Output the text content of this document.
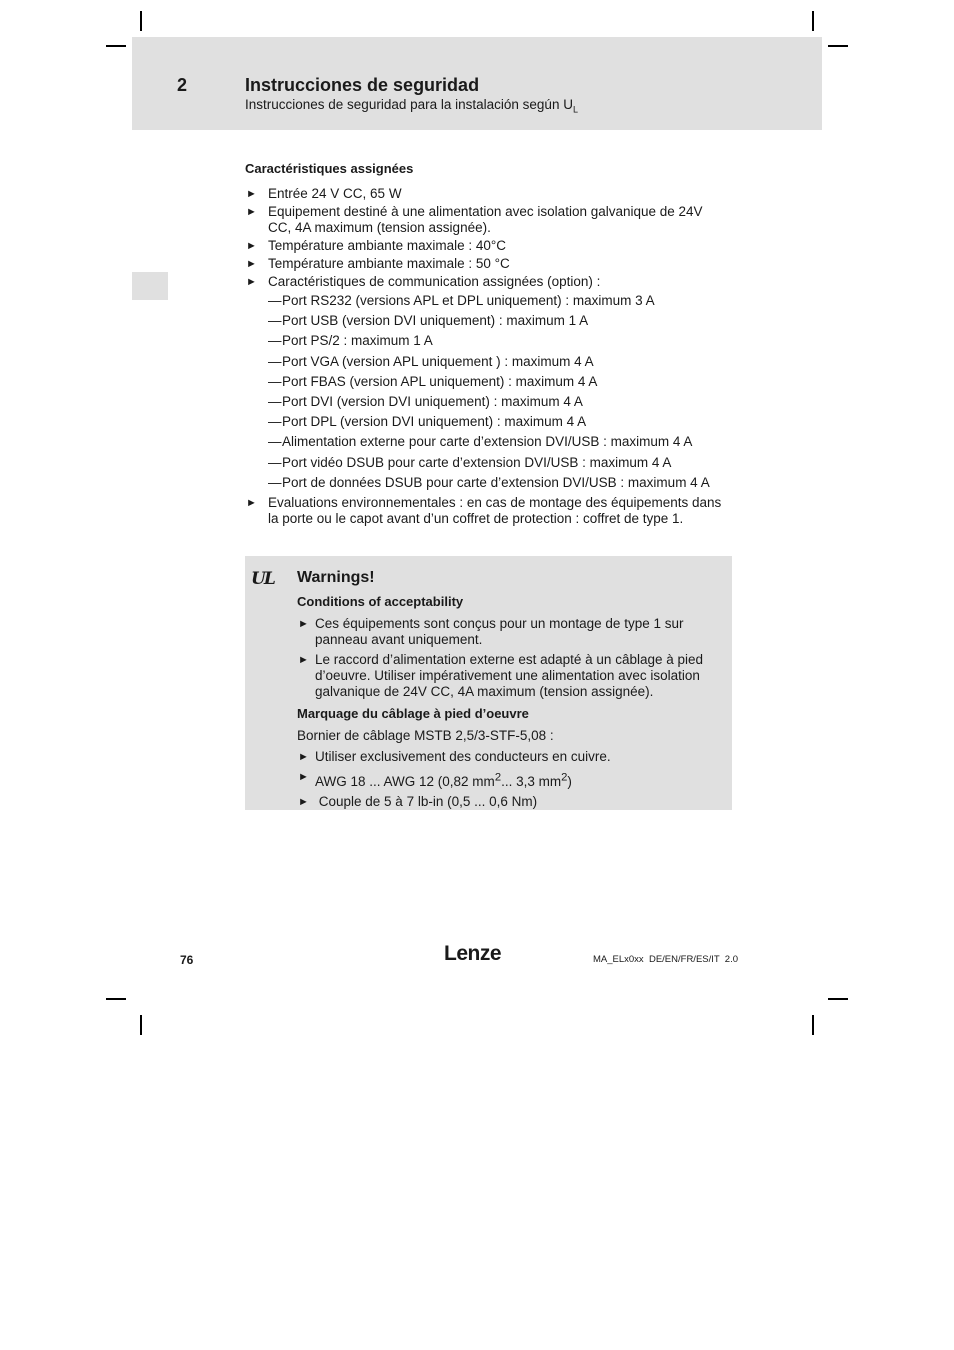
2	Instrucciones de seguridad
Instrucciones de seguridad para la instalación según $U_L$
Caractéristiques assignées
► Entrée 24 V CC, 65 W
► Equipement destiné à une alimentation avec isolation galvanique de 24V CC, 4A maximum (tension assignée).
► Température ambiante maximale : 40°C
► Température ambiante maximale : 50 °C
► Caractéristiques de communication assignées (option) :
— Port RS232 (versions APL et DPL uniquement) : maximum 3 A
— Port USB (version DVI uniquement) : maximum 1 A
— Port PS/2 : maximum 1 A
— Port VGA (version APL uniquement ) : maximum 4 A
— Port FBAS (version APL uniquement) : maximum 4 A
— Port DVI (version DVI uniquement) : maximum 4 A
— Port DPL (version DVI uniquement) : maximum 4 A
— Alimentation externe pour carte d’extension DVI/USB : maximum 4 A
— Port vidéo DSUB pour carte d’extension DVI/USB : maximum 4 A
— Port de données DSUB pour carte d’extension DVI/USB : maximum 4 A
► Evaluations environnementales : en cas de montage des équipements dans la porte ou le capot avant d’un coffret de protection : coffret de type 1.
UL Warnings!
Conditions of acceptability
► Ces équipements sont conçus pour un montage de type 1 sur panneau avant uniquement.
► Le raccord d’alimentation externe est adapté à un câblage à pied d’oeuvre. Utiliser impérativement une alimentation avec isolation galvanique de 24V CC, 4A maximum (tension assignée).
Marquage du câblage à pied d’oeuvre
Bornier de câblage MSTB 2,5/3-STF-5,08 :
► Utiliser exclusivement des conducteurs en cuivre.
► AWG 18 ... AWG 12 (0,82 $mm^2$... 3,3 $mm^2$)
► Couple de 5 à 7 lb-in (0,5 ... 0,6 Nm)
76	Lenze	MA_ELx0xx  DE/EN/FR/ES/IT  2.0
